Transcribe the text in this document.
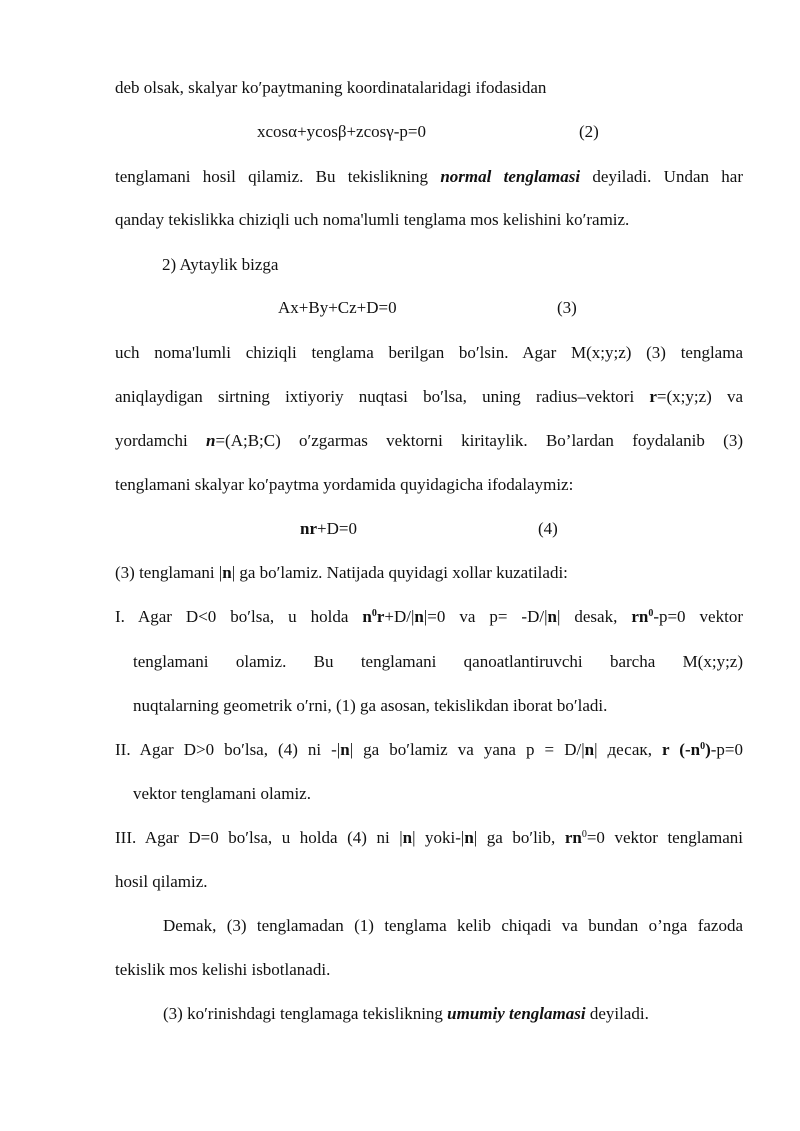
deb olsak, skalyar koʹpaytmaning koordinatalaridagi ifodasidan
xcosα+ycosβ+zcosγ-p=0	(2)
tenglamani hosil qilamiz. Bu tekislikning normal tenglamasi deyiladi. Undan har
qanday tekislikka chiziqli uch noma'lumli tenglama mos kelishini koʹramiz.
2) Aytaylik bizga
Ax+By+Cz+D=0	(3)
uch noma'lumli chiziqli tenglama berilgan boʹlsin. Agar M(x;y;z) (3) tenglama
aniqlaydigan sirtning ixtiyoriy nuqtasi boʹlsa, uning radius–vektori r=(x;y;z) va
yordamchi n=(A;B;C) oʹzgarmas vektorni kiritaylik. Bo’lardan foydalanib (3)
tenglamani skalyar koʹpaytma yordamida quyidagicha ifodalaymiz:
nr+D=0	(4)
(3) tenglamani |n| ga boʹlamiz. Natijada quyidagi xollar kuzatiladi:
I. Agar D<0 boʹlsa, u holda $n^0r+D/|n|=0$ va p= -D/|n| desak, $rn^0-p=0$ vektor
tenglamani olamiz. Bu tenglamani qanoatlantiruvchi barcha M(x;y;z)
nuqtalarning geometrik oʹrni, (1) ga asosan, tekislikdan iborat boʹladi.
II. Agar D>0 boʹlsa, (4) ni -|n| ga boʹlamiz va yana p = D/|n| десак, r $(-n^0)-p=0$
vektor tenglamani olamiz.
III. Agar D=0 boʹlsa, u holda (4) ni |n| yoki-|n| ga boʹlib, $rn^0=0$ vektor tenglamani
hosil qilamiz.
Demak, (3) tenglamadan (1) tenglama kelib chiqadi va bundan o’nga fazoda
tekislik mos kelishi isbotlanadi.
(3) koʹrinishdagi tenglamaga tekislikning umumiy tenglamasi deyiladi.
